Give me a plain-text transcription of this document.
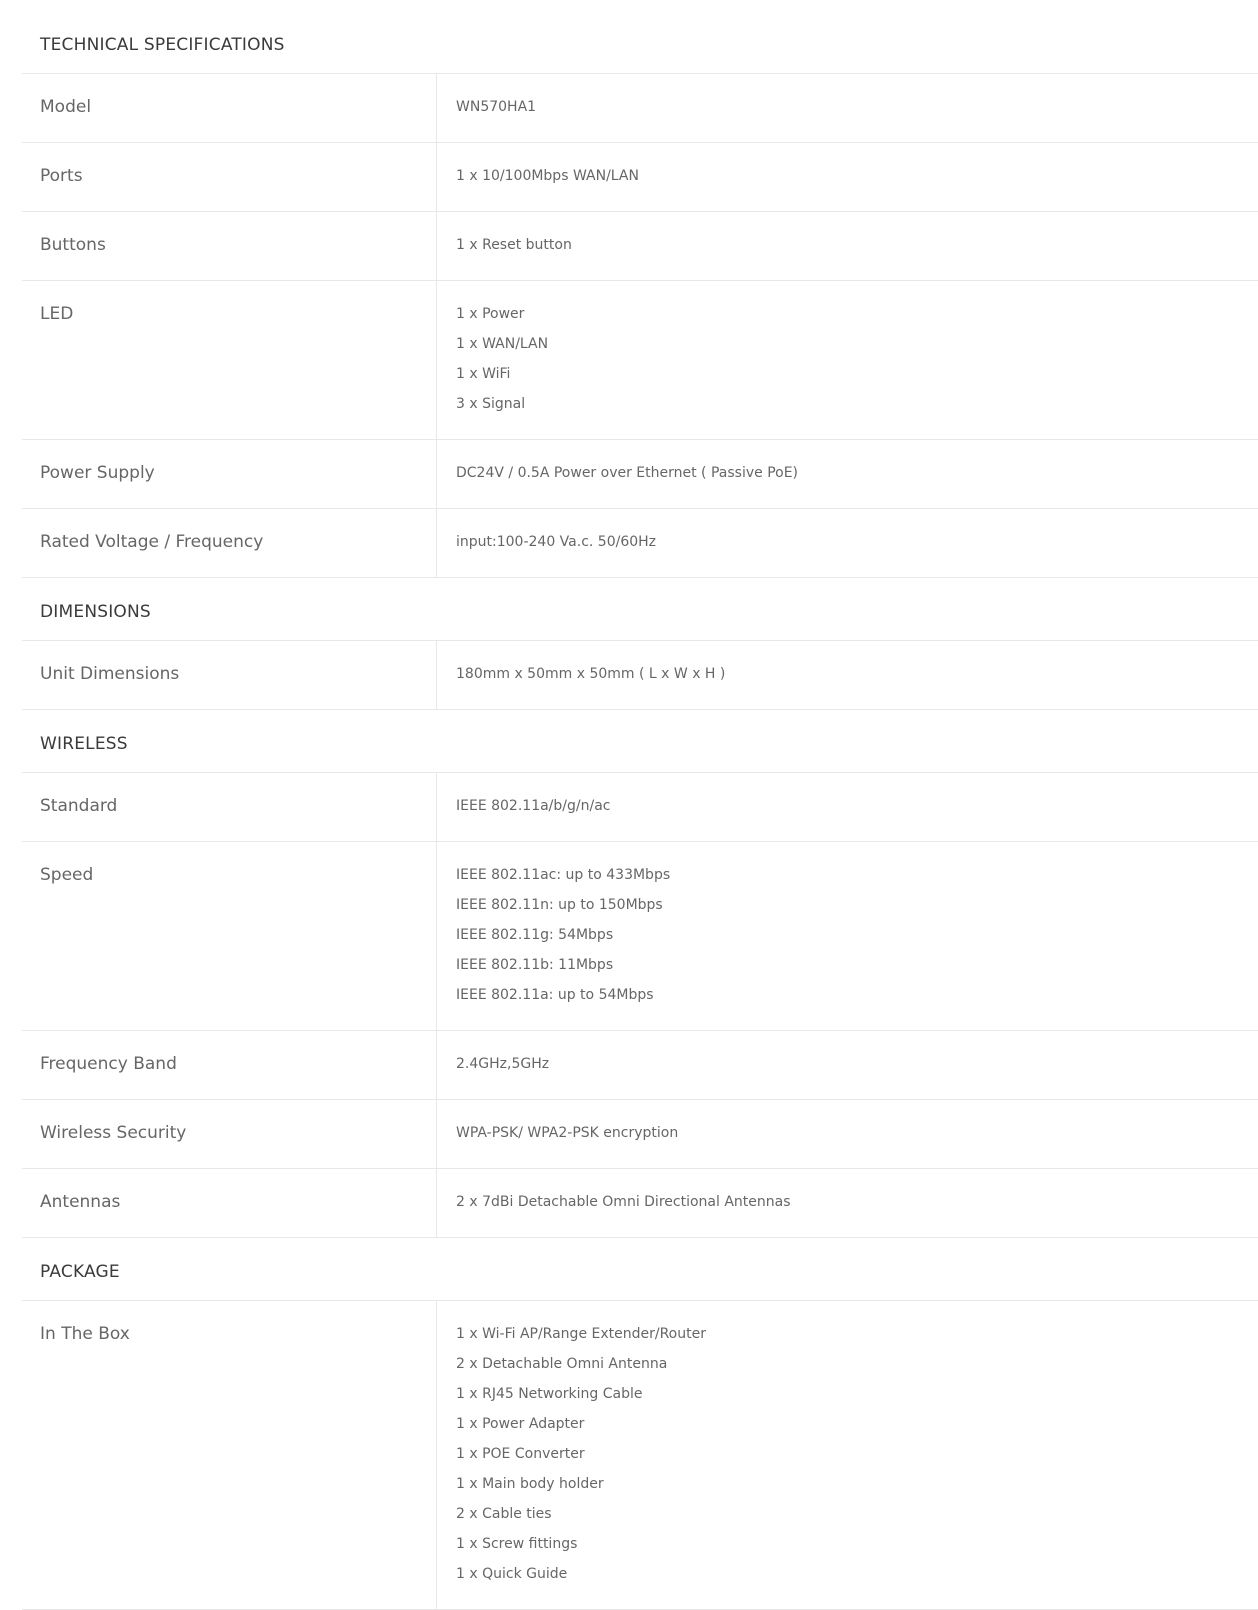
TECHNICAL SPECIFICATIONS
Model	WN570HA1
Ports	1 x 10/100Mbps WAN/LAN
Buttons	1 x Reset button
LED	1 x Power
1 x WAN/LAN
1 x WiFi
3 x Signal
Power Supply	DC24V / 0.5A Power over Ethernet ( Passive PoE)
Rated Voltage / Frequency	input:100-240 Va.c. 50/60Hz
DIMENSIONS
Unit Dimensions	180mm x 50mm x 50mm ( L x W x H )
WIRELESS
Standard	IEEE 802.11a/b/g/n/ac
Speed	IEEE 802.11ac: up to 433Mbps
IEEE 802.11n: up to 150Mbps
IEEE 802.11g: 54Mbps
IEEE 802.11b: 11Mbps
IEEE 802.11a: up to 54Mbps
Frequency Band	2.4GHz,5GHz
Wireless Security	WPA-PSK/ WPA2-PSK encryption
Antennas	2 x 7dBi Detachable Omni Directional Antennas
PACKAGE
In The Box	1 x Wi-Fi AP/Range Extender/Router
2 x Detachable Omni Antenna
1 x RJ45 Networking Cable
1 x Power Adapter
1 x POE Converter
1 x Main body holder
2 x Cable ties
1 x Screw fittings
1 x Quick Guide
